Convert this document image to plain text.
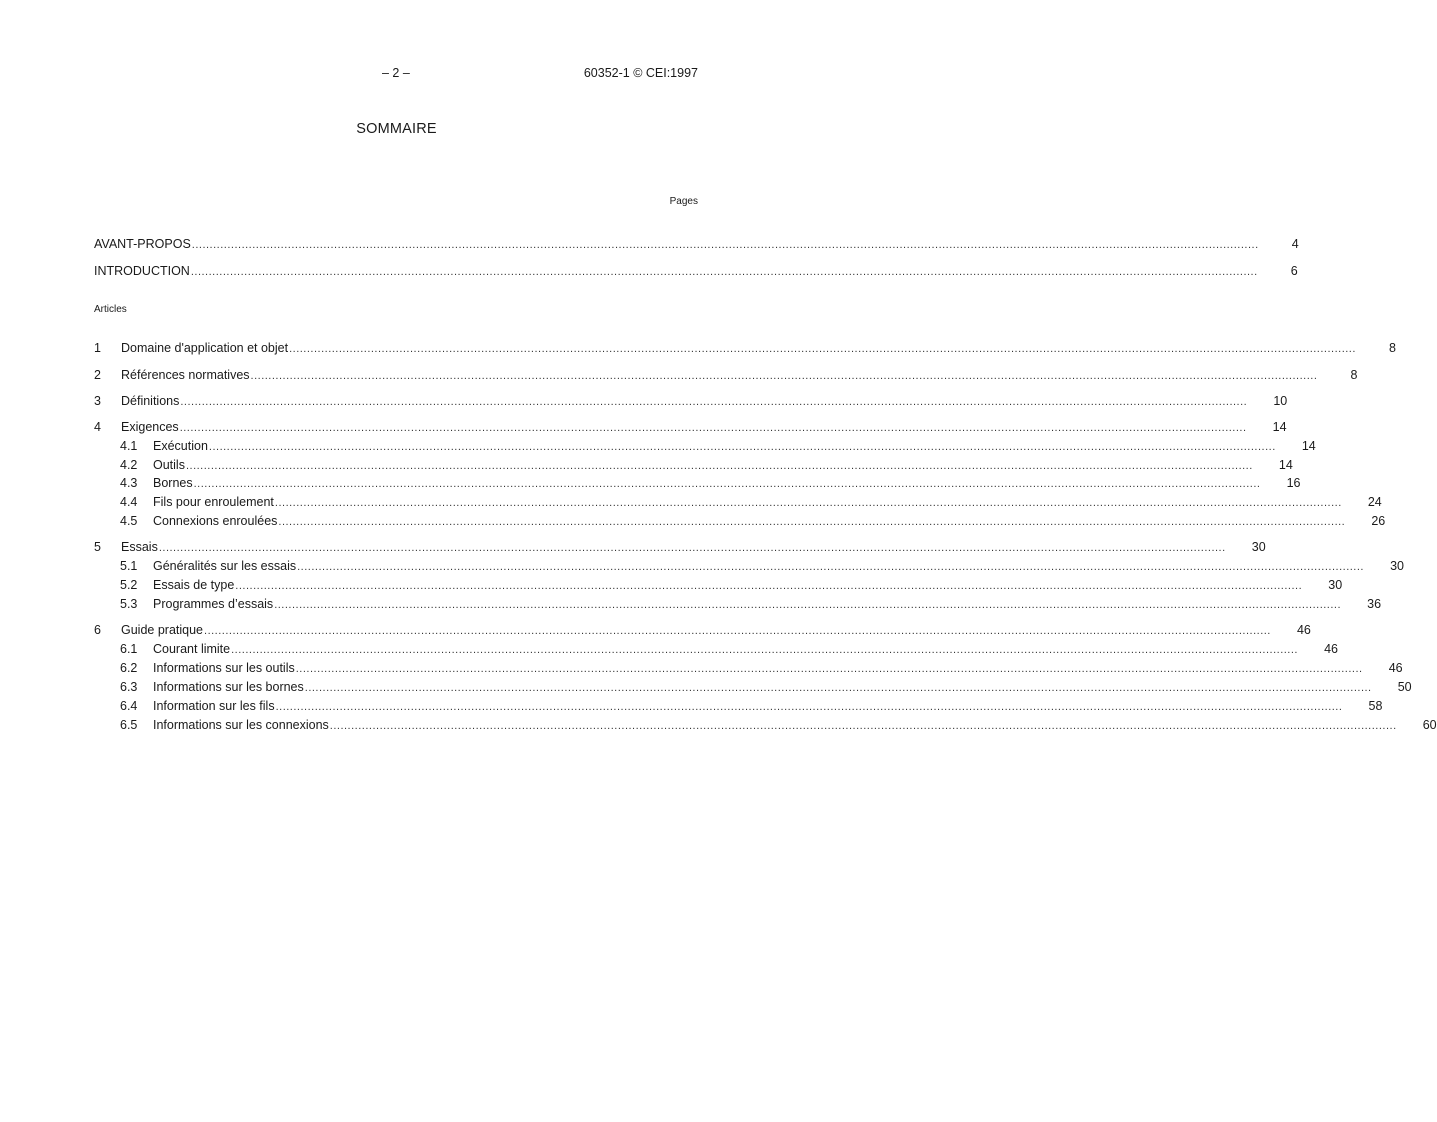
– 2 –	60352-1 © CEI:1997
SOMMAIRE
Pages
Articles
AVANT-PROPOS ............................................................................................................................................................................................................................................................................................................	4
INTRODUCTION ............................................................................................................................................................................................................................................................................................................	6
1	Domaine d'application et objet ............................................................................................................................................................................................................................................................................................................	8
2	Références normatives ............................................................................................................................................................................................................................................................................................................	8
3	Définitions ............................................................................................................................................................................................................................................................................................................	10
4	Exigences ............................................................................................................................................................................................................................................................................................................	14
4.1	Exécution ............................................................................................................................................................................................................................................................................................................	14
4.2	Outils ............................................................................................................................................................................................................................................................................................................	14
4.3	Bornes ............................................................................................................................................................................................................................................................................................................	16
4.4	Fils pour enroulement ............................................................................................................................................................................................................................................................................................................	24
4.5	Connexions enroulées ............................................................................................................................................................................................................................................................................................................	26
5	Essais ............................................................................................................................................................................................................................................................................................................	30
5.1	Généralités sur les essais ............................................................................................................................................................................................................................................................................................................	30
5.2	Essais de type ............................................................................................................................................................................................................................................................................................................	30
5.3	Programmes d’essais ............................................................................................................................................................................................................................................................................................................	36
6	Guide pratique ............................................................................................................................................................................................................................................................................................................	46
6.1	Courant limite ............................................................................................................................................................................................................................................................................................................	46
6.2	Informations sur les outils ............................................................................................................................................................................................................................................................................................................	46
6.3	Informations sur les bornes ............................................................................................................................................................................................................................................................................................................	50
6.4	Information sur les fils ............................................................................................................................................................................................................................................................................................................	58
6.5	Informations sur les connexions ............................................................................................................................................................................................................................................................................................................	60
